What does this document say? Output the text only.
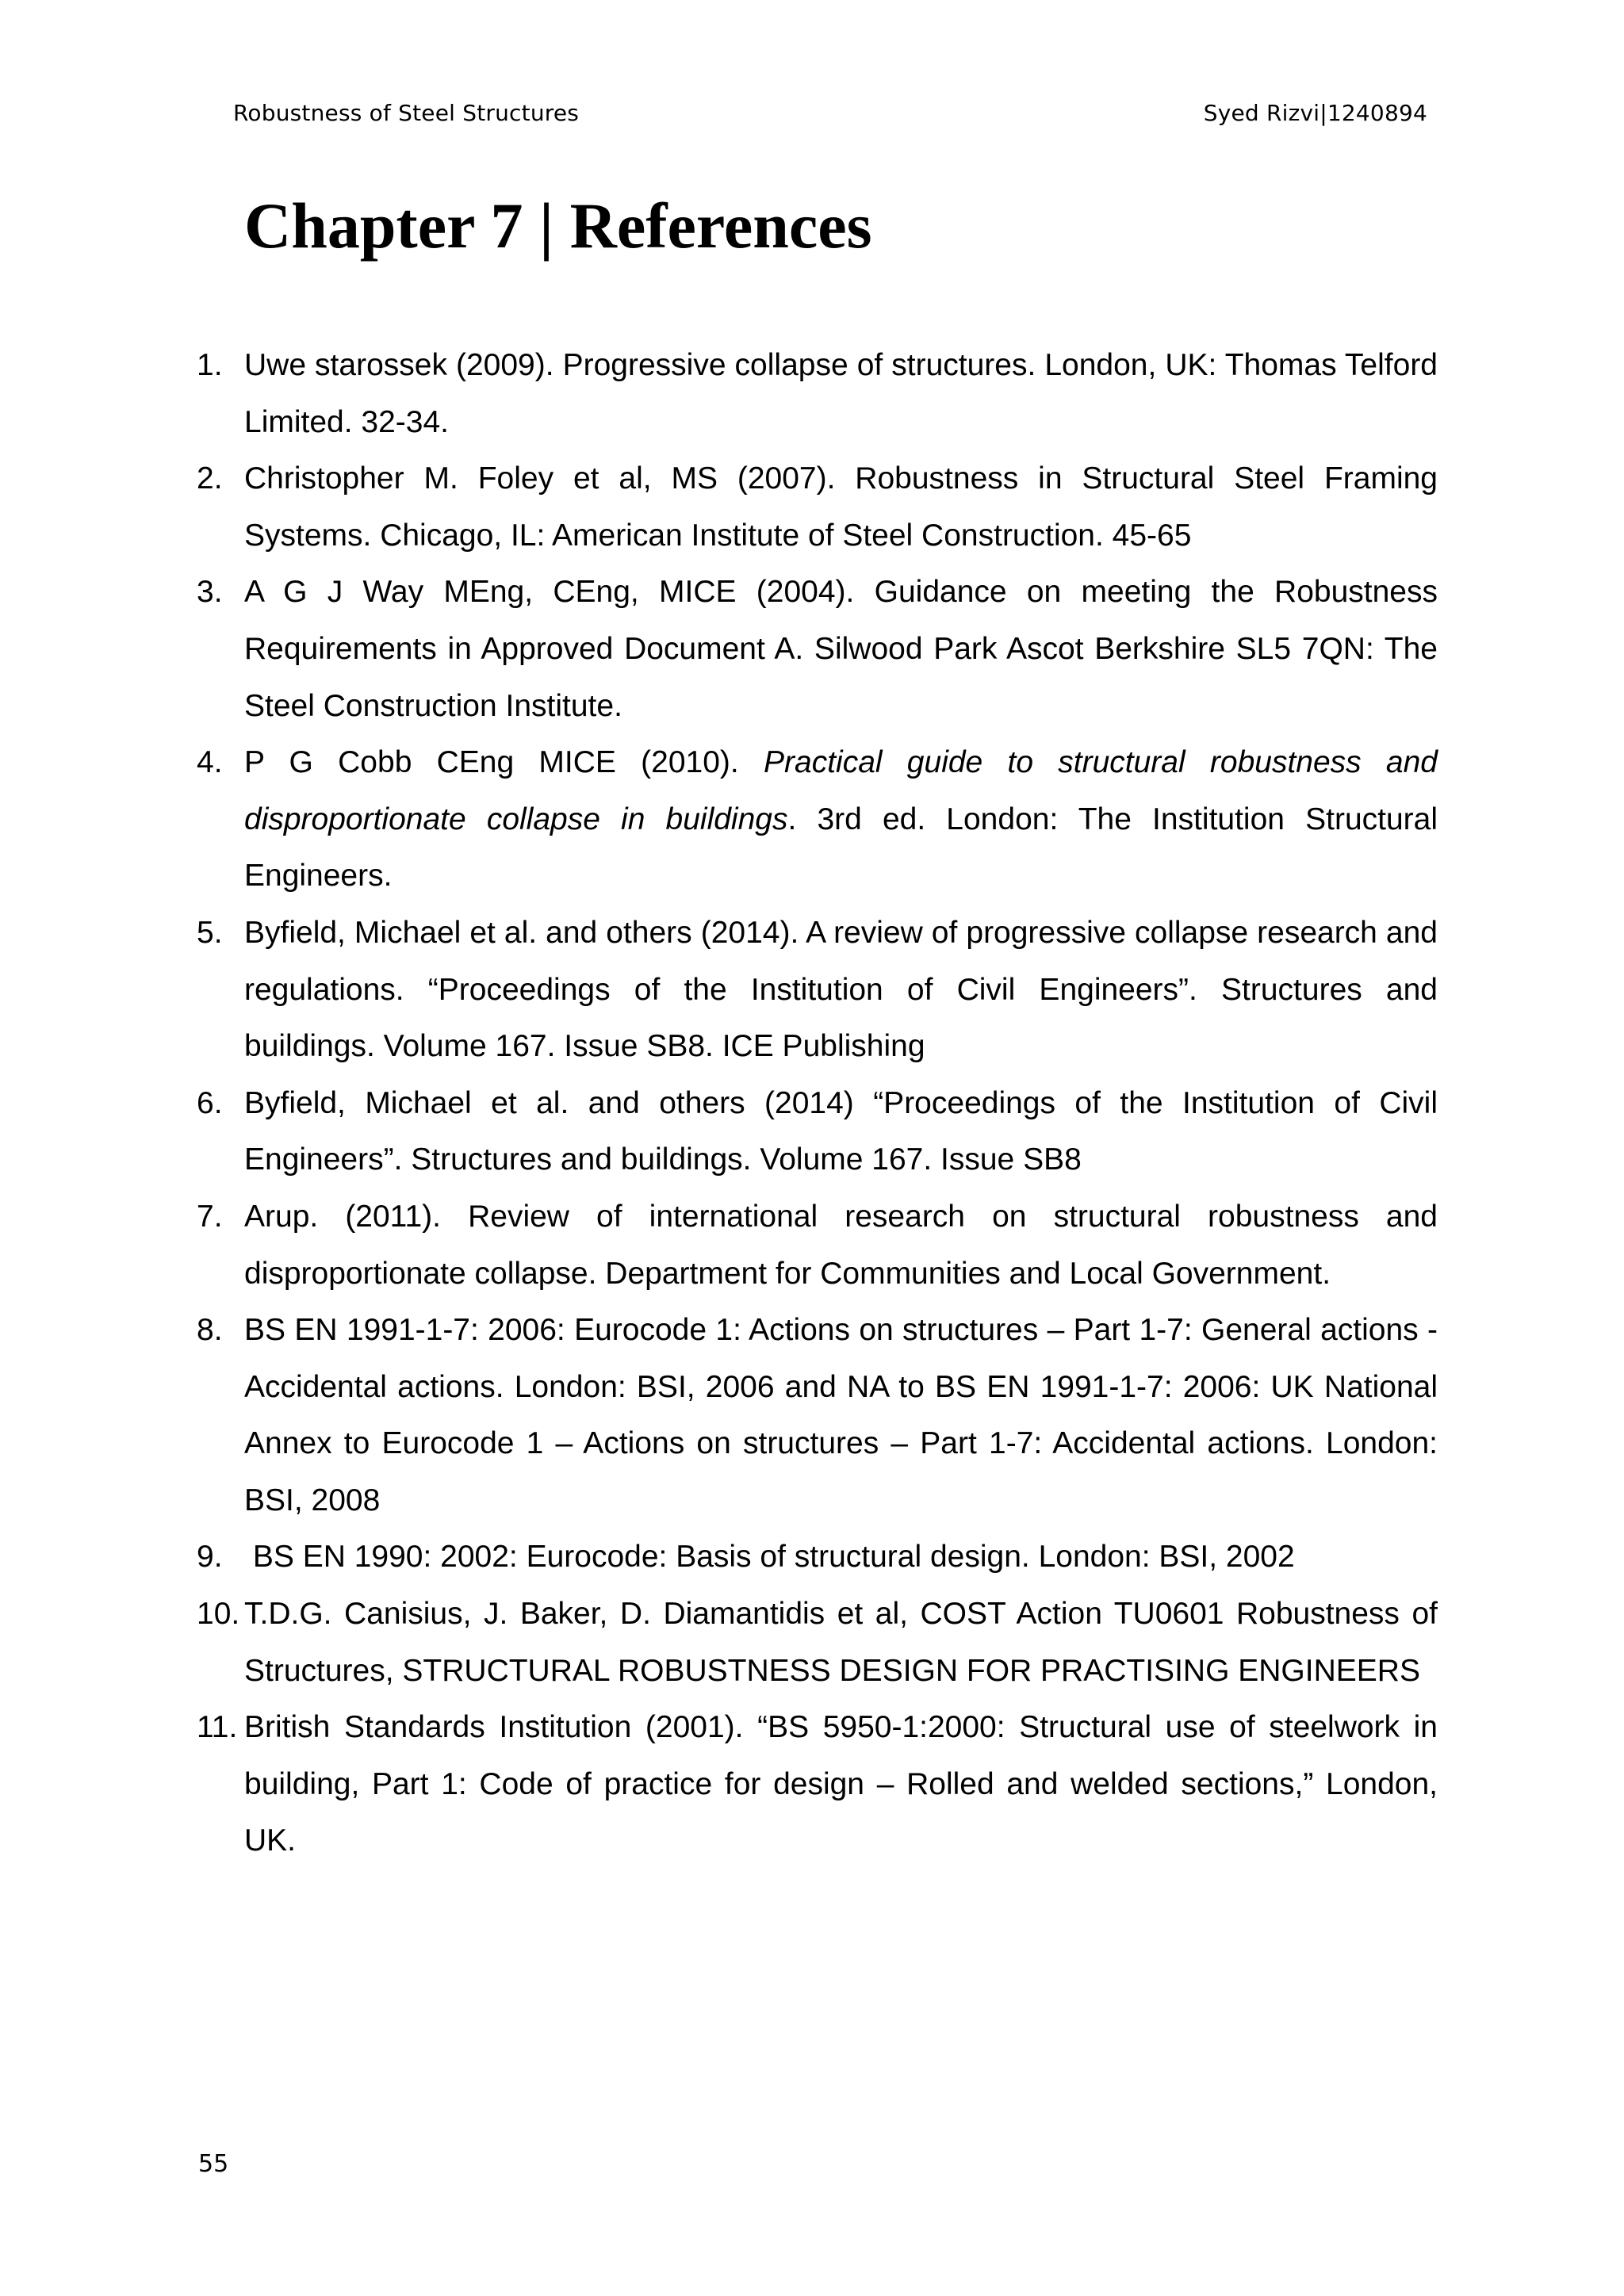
Robustness of Steel Structures	Syed Rizvi|1240894
Chapter 7 | References
1. Uwe starossek (2009). Progressive collapse of structures. London, UK: Thomas Telford Limited. 32-34.
2. Christopher M. Foley et al, MS (2007). Robustness in Structural Steel Framing Systems. Chicago, IL: American Institute of Steel Construction. 45-65
3. A G J Way MEng, CEng, MICE (2004). Guidance on meeting the Robustness Requirements in Approved Document A. Silwood Park Ascot Berkshire SL5 7QN: The Steel Construction Institute.
4. P G Cobb CEng MICE (2010). Practical guide to structural robustness and disproportionate collapse in buildings. 3rd ed. London: The Institution Structural Engineers.
5. Byfield, Michael et al. and others (2014). A review of progressive collapse research and regulations. “Proceedings of the Institution of Civil Engineers”. Structures and buildings. Volume 167. Issue SB8. ICE Publishing
6. Byfield, Michael et al. and others (2014) “Proceedings of the Institution of Civil Engineers”. Structures and buildings. Volume 167. Issue SB8
7. Arup. (2011). Review of international research on structural robustness and disproportionate collapse. Department for Communities and Local Government.
8. BS EN 1991-1-7: 2006: Eurocode 1: Actions on structures – Part 1-7: General actions -Accidental actions. London: BSI, 2006 and NA to BS EN 1991-1-7: 2006: UK National Annex to Eurocode 1 – Actions on structures – Part 1-7: Accidental actions. London: BSI, 2008
9. BS EN 1990: 2002: Eurocode: Basis of structural design. London: BSI, 2002
10. T.D.G. Canisius, J. Baker, D. Diamantidis et al, COST Action TU0601 Robustness of Structures, STRUCTURAL ROBUSTNESS DESIGN FOR PRACTISING ENGINEERS
11. British Standards Institution (2001). “BS 5950-1:2000: Structural use of steelwork in building, Part 1: Code of practice for design – Rolled and welded sections,” London, UK.
55
